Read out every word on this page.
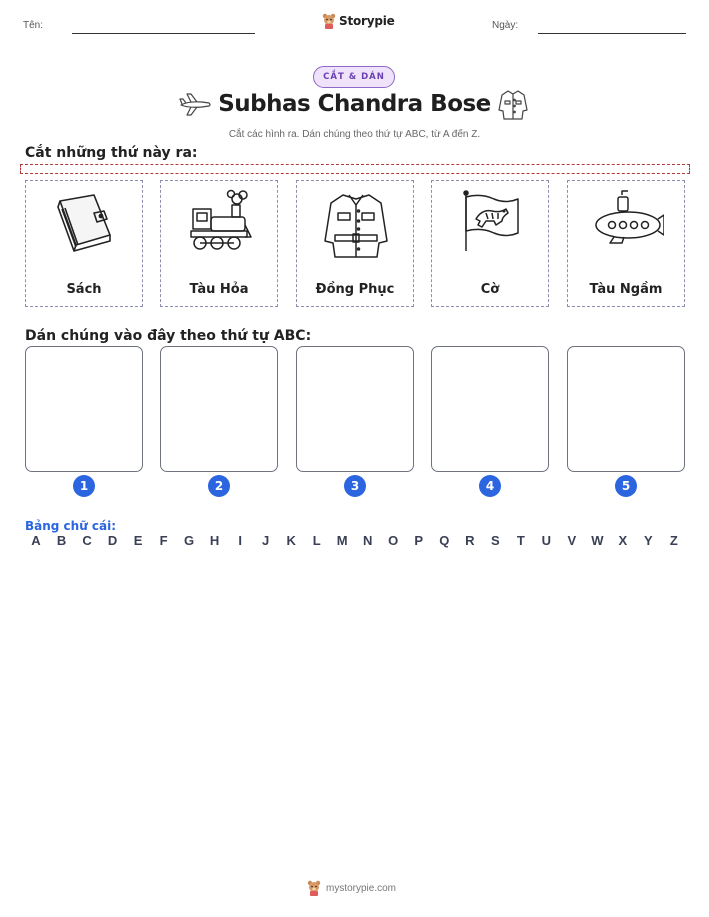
Tên:	Ngày:
Storypie
CẮT & DÁN
Subhas Chandra Bose
Cắt các hình ra. Dán chúng theo thứ tự ABC, từ A đến Z.
Cắt những thứ này ra:
Sách	Tàu Hỏa	Đồng Phục	Cờ	Tàu Ngầm
Dán chúng vào đây theo thứ tự ABC:
1	2	3	4	5
Bảng chữ cái:
A B C D E	F	G H	I	J	K	L	M N O P Q R S	T	U V W X Y	Z
mystorypie.com
